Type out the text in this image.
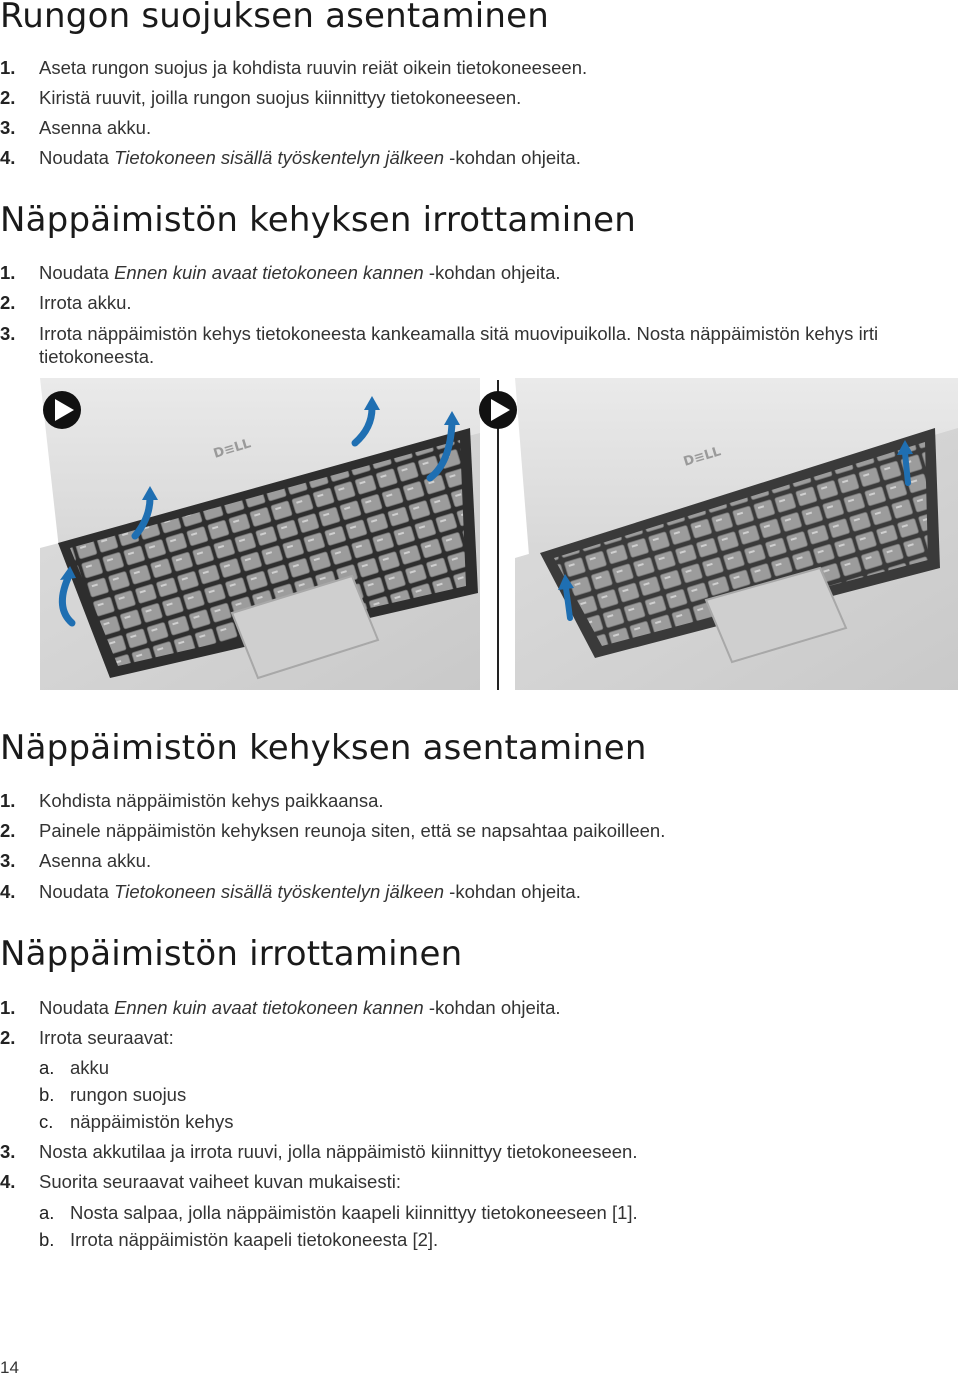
Rungon suojuksen asentaminen
1. Aseta rungon suojus ja kohdista ruuvin reiät oikein tietokoneeseen.
2. Kiristä ruuvit, joilla rungon suojus kiinnittyy tietokoneeseen.
3. Asenna akku.
4. Noudata Tietokoneen sisällä työskentelyn jälkeen -kohdan ohjeita.
Näppäimistön kehyksen irrottaminen
1. Noudata Ennen kuin avaat tietokoneen kannen -kohdan ohjeita.
2. Irrota akku.
3. Irrota näppäimistön kehys tietokoneesta kankeamalla sitä muovipuikolla. Nosta näppäimistön kehys irti tietokoneesta.
D≡LL	D≡LL
Näppäimistön kehyksen asentaminen
1. Kohdista näppäimistön kehys paikkaansa.
2. Painele näppäimistön kehyksen reunoja siten, että se napsahtaa paikoilleen.
3. Asenna akku.
4. Noudata Tietokoneen sisällä työskentelyn jälkeen -kohdan ohjeita.
Näppäimistön irrottaminen
1. Noudata Ennen kuin avaat tietokoneen kannen -kohdan ohjeita.
2. Irrota seuraavat:
a. akku
b. rungon suojus
c. näppäimistön kehys
3. Nosta akkutilaa ja irrota ruuvi, jolla näppäimistö kiinnittyy tietokoneeseen.
4. Suorita seuraavat vaiheet kuvan mukaisesti:
a. Nosta salpaa, jolla näppäimistön kaapeli kiinnittyy tietokoneeseen [1].
b. Irrota näppäimistön kaapeli tietokoneesta [2].
14
